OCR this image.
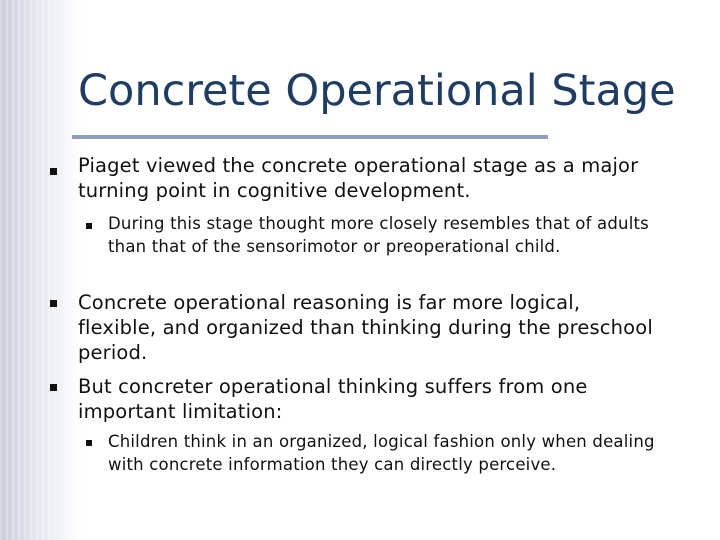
Concrete Operational Stage

Piaget viewed the concrete operational stage as a major turning point in cognitive development.

During this stage thought more closely resembles that of adults than that of the sensorimotor or preoperational child.

Concrete operational reasoning is far more logical, flexible, and organized than thinking during the preschool period.

But concreter operational thinking suffers from one important limitation:

Children think in an organized, logical fashion only when dealing with concrete information they can directly perceive.
